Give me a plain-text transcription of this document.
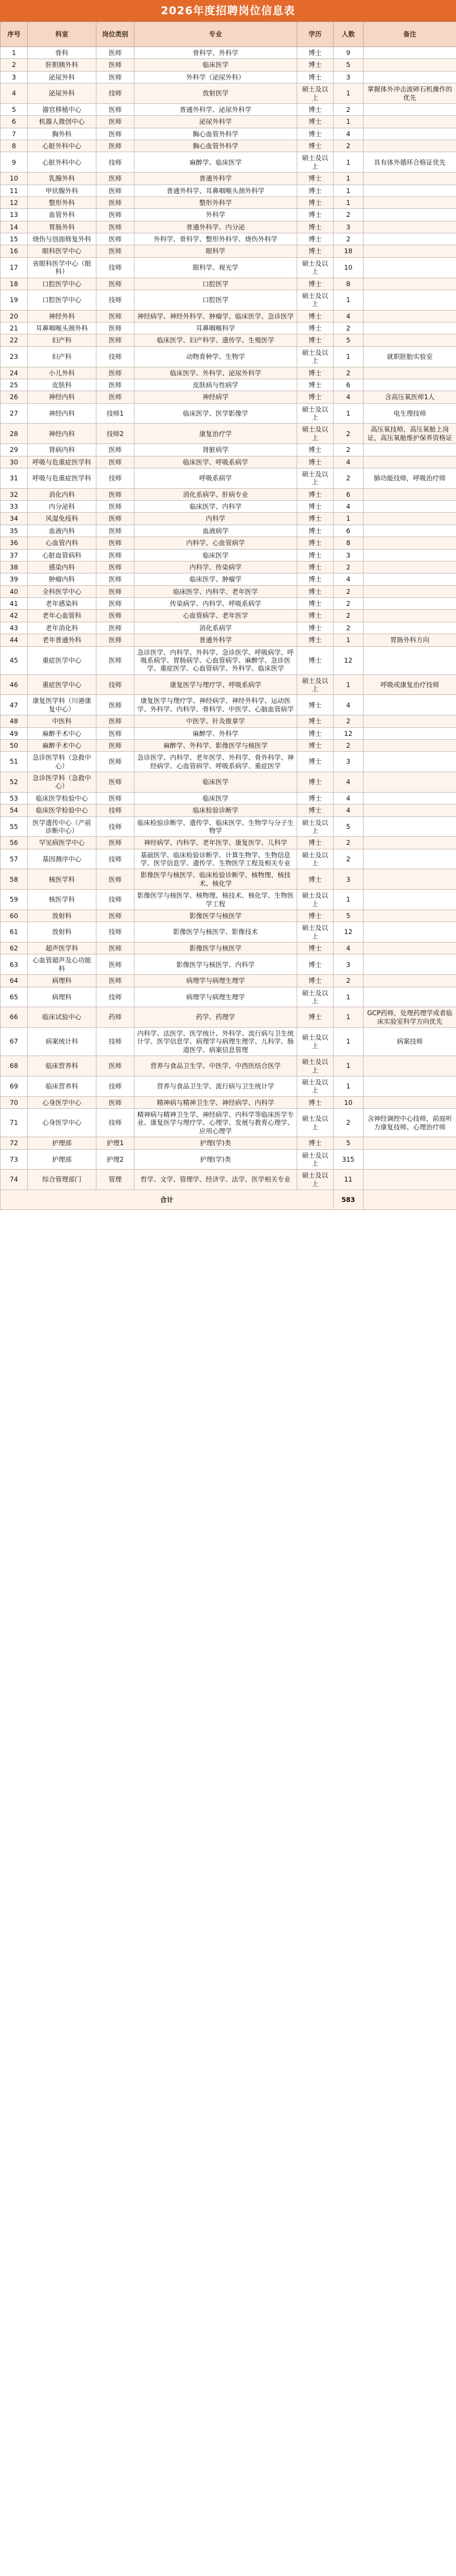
2026年度招聘岗位信息表
序号	科室	岗位类别	专业	学历	人数	备注
1	骨科	医师	骨科学、外科学	博士	9	
2	肝胆胰外科	医师	临床医学	博士	5	
3	泌尿外科	医师	外科学（泌尿外科）	博士	3	
4	泌尿外科	技师	放射医学	硕士及以上	1	掌握体外冲击波碎石机操作的优先
5	器官移植中心	医师	普通外科学、泌尿外科学	博士	2	
6	机器人微创中心	医师	泌尿外科学	博士	1	
7	胸外科	医师	胸心血管外科学	博士	4	
8	心脏外科中心	医师	胸心血管外科学	博士	2	
9	心脏外科中心	技师	麻醉学、临床医学	硕士及以上	1	具有体外循环合格证优先
10	乳腺外科	医师	普通外科学	博士	1	
11	甲状腺外科	医师	普通外科学、耳鼻咽喉头颈外科学	博士	1	
12	整形外科	医师	整形外科学	博士	1	
13	血管外科	医师	外科学	博士	2	
14	胃肠外科	医师	普通外科学、内分泌	博士	3	
15	烧伤与创面修复外科	医师	外科学、骨科学、整形外科学、烧伤外科学	博士	2	
16	眼科医学中心	医师	眼科学	博士	18	
17	省眼科医学中心（眼科）	技师	眼科学、视光学	硕士及以上	10	
18	口腔医学中心	医师	口腔医学	博士	8	
19	口腔医学中心	技师	口腔医学	硕士及以上	1	
20	神经外科	医师	神经病学、神经外科学、肿瘤学、临床医学、急诊医学	博士	4	
21	耳鼻咽喉头颈外科	医师	耳鼻咽喉科学	博士	2	
22	妇产科	医师	临床医学、妇产科学、遗传学、生殖医学	博士	5	
23	妇产科	技师	动物育种学、生物学	硕士及以上	1	就职胚胎实验室
24	小儿外科	医师	临床医学、外科学、泌尿外科学	博士	2	
25	皮肤科	医师	皮肤病与性病学	博士	6	
26	神经内科	医师	神经病学	博士	4	含高压氧医师1人
27	神经内科	技师1	临床医学、医学影像学	硕士及以上	1	电生理技师
28	神经内科	技师2	康复治疗学	硕士及以上	2	高压氧技师，高压氧舱上岗证，高压氧舱维护保养资格证
29	肾病内科	医师	肾脏病学	博士	2	
30	呼吸与危重症医学科	医师	临床医学、呼吸系病学	博士	4	
31	呼吸与危重症医学科	技师	呼吸系病学	硕士及以上	2	肺功能技师，呼吸治疗师
32	消化内科	医师	消化系病学、肝病专业	博士	6	
33	内分泌科	医师	临床医学、内科学	博士	4	
34	风湿免疫科	医师	内科学	博士	1	
35	血液内科	医师	血液病学	博士	6	
36	心血管内科	医师	内科学、心血管病学	博士	8	
37	心脏血管病科	医师	临床医学	博士	3	
38	感染内科	医师	内科学、传染病学	博士	2	
39	肿瘤内科	医师	临床医学、肿瘤学	博士	4	
40	全科医学中心	医师	临床医学、内科学、老年医学	博士	2	
41	老年感染科	医师	传染病学、内科学、呼吸系病学	博士	2	
42	老年心血管科	医师	心血管病学、老年医学	博士	2	
43	老年消化科	医师	消化系病学	博士	2	
44	老年普通外科	医师	普通外科学	博士	1	胃肠外科方向
45	重症医学中心	医师	急诊医学、内科学、外科学、急诊医学、呼吸病学、呼吸系病学、胃肠病学、心血管病学、麻醉学、急诊医学、重症医学、心血管病学、外科学、临床医学	博士	12	
46	重症医学中心	技师	康复医学与理疗学、呼吸系病学	硕士及以上	1	呼吸或康复治疗技师
47	康复医学科（川港康复中心）	医师	康复医学与理疗学、神经病学、神经外科学、运动医学、外科学、内科学、骨科学、中医学、心脑血管病学	博士	4	
48	中医科	医师	中医学、针灸推拿学	博士	2	
49	麻醉手术中心	医师	麻醉学、外科学	博士	12	
50	麻醉手术中心	医师	麻醉学、外科学、影像医学与核医学	博士	2	
51	急诊医学科（急救中心）	医师	急诊医学、内科学、老年医学、外科学、骨外科学、神经病学、心血管病学、呼吸系病学、重症医学	博士	3	
52	急诊医学科（急救中心）	医师	临床医学	博士	4	
53	临床医学检验中心	医师	临床医学	博士	4	
54	临床医学检验中心	技师	临床检验诊断学	博士	4	
55	医学遗传中心（产前诊断中心）	技师	临床检验诊断学、遗传学、临床医学、生物学与分子生物学	硕士及以上	5	
56	罕见病医学中心	医师	神经病学、内科学、老年医学、康复医学、儿科学	博士	2	
57	基因测序中心	技师	基础医学、临床检验诊断学、计算生物学、生物信息学、医学信息学、遗传学、生物医学工程及相关专业	硕士及以上	2	
58	核医学科	医师	影像医学与核医学、临床检验诊断学、核物理、核技术、核化学	博士	3	
59	核医学科	技师	影像医学与核医学、核物理、核技术、核化学、生物医学工程	硕士及以上	1	
60	放射科	医师	影像医学与核医学	博士	5	
61	放射科	技师	影像医学与核医学、影像技术	硕士及以上	12	
62	超声医学科	医师	影像医学与核医学	博士	4	
63	心血管超声及心功能科	医师	影像医学与核医学、内科学	博士	3	
64	病理科	医师	病理学与病理生理学	博士	2	
65	病理科	技师	病理学与病理生理学	硕士及以上	1	
66	临床试验中心	药师	药学、药理学	博士	1	GCP药师，处理药理学或者临床实验室科学方向优先
67	病案统计科	技师	内科学、法医学、医学统计、外科学、流行病与卫生统计学、医学信息学、病理学与病理生理学、儿科学、肠道医学、病案信息管理	硕士及以上	1	病案技师
68	临床营养科	医师	营养与食品卫生学、中医学、中西医结合医学	硕士及以上	1	
69	临床营养科	技师	营养与食品卫生学、流行病与卫生统计学	硕士及以上	1	
70	心身医学中心	医师	精神病与精神卫生学、神经病学、内科学	博士	10	
71	心身医学中心	技师	精神病与精神卫生学、神经病学、内科学等临床医学专业、康复医学与理疗学、心理学、发展与教育心理学、应用心理学	硕士及以上	2	含神经调控中心技师，前庭听力康复技师、心理治疗师
72	护理部	护理1	护理(学)类	博士	5	
73	护理部	护理2	护理(学)类	硕士及以上	315	
74	综合管理部门	管理	哲学、文学、管理学、经济学、法学、医学相关专业	硕士及以上	11	
合计					583	
